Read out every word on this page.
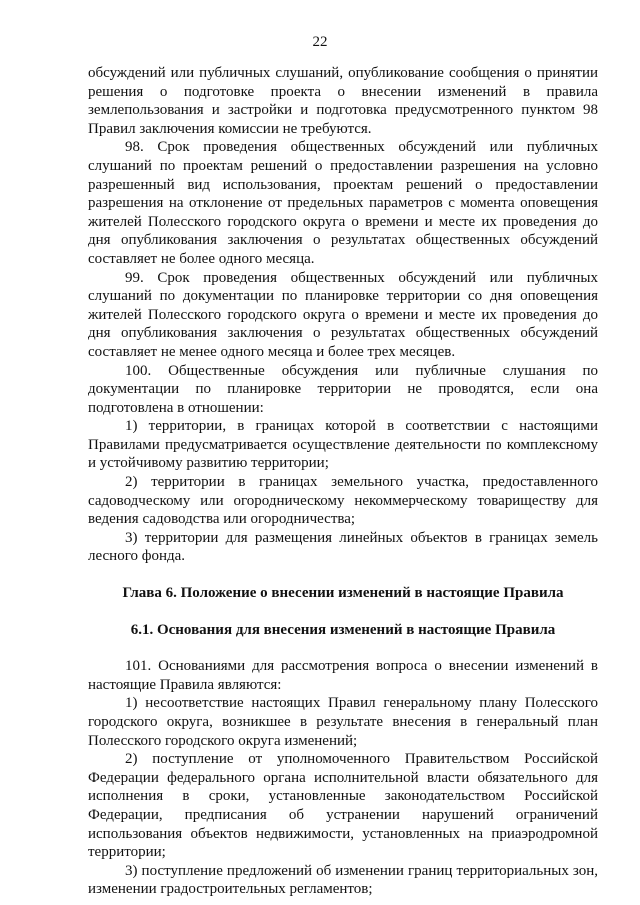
22

обсуждений или публичных слушаний, опубликование сообщения о принятии решения о подготовке проекта о внесении изменений в правила землепользования и застройки и подготовка предусмотренного пунктом 98 Правил заключения комиссии не требуются.

98. Срок проведения общественных обсуждений или публичных слушаний по проектам решений о предоставлении разрешения на условно разрешенный вид использования, проектам решений о предоставлении разрешения на отклонение от предельных параметров с момента оповещения жителей Полесского городского округа о времени и месте их проведения до дня опубликования заключения о результатах общественных обсуждений составляет не более одного месяца.

99. Срок проведения общественных обсуждений или публичных слушаний по документации по планировке территории со дня оповещения жителей Полесского городского округа о времени и месте их проведения до дня опубликования заключения о результатах общественных обсуждений составляет не менее одного месяца и более трех месяцев.

100. Общественные обсуждения или публичные слушания по документации по планировке территории не проводятся, если она подготовлена в отношении:

1) территории, в границах которой в соответствии с настоящими Правилами предусматривается осуществление деятельности по комплексному и устойчивому развитию территории;

2) территории в границах земельного участка, предоставленного садоводческому или огородническому некоммерческому товариществу для ведения садоводства или огородничества;

3) территории для размещения линейных объектов в границах земель лесного фонда.

Глава 6. Положение о внесении изменений в настоящие Правила

6.1. Основания для внесения изменений в настоящие Правила

101. Основаниями для рассмотрения вопроса о внесении изменений в настоящие Правила являются:

1) несоответствие настоящих Правил генеральному плану Полесского городского округа, возникшее в результате внесения в генеральный план Полесского городского округа изменений;

2) поступление от уполномоченного Правительством Российской Федерации федерального органа исполнительной власти обязательного для исполнения в сроки, установленные законодательством Российской Федерации, предписания об устранении нарушений ограничений использования объектов недвижимости, установленных на приаэродромной территории;

3) поступление предложений об изменении границ территориальных зон, изменении градостроительных регламентов;
